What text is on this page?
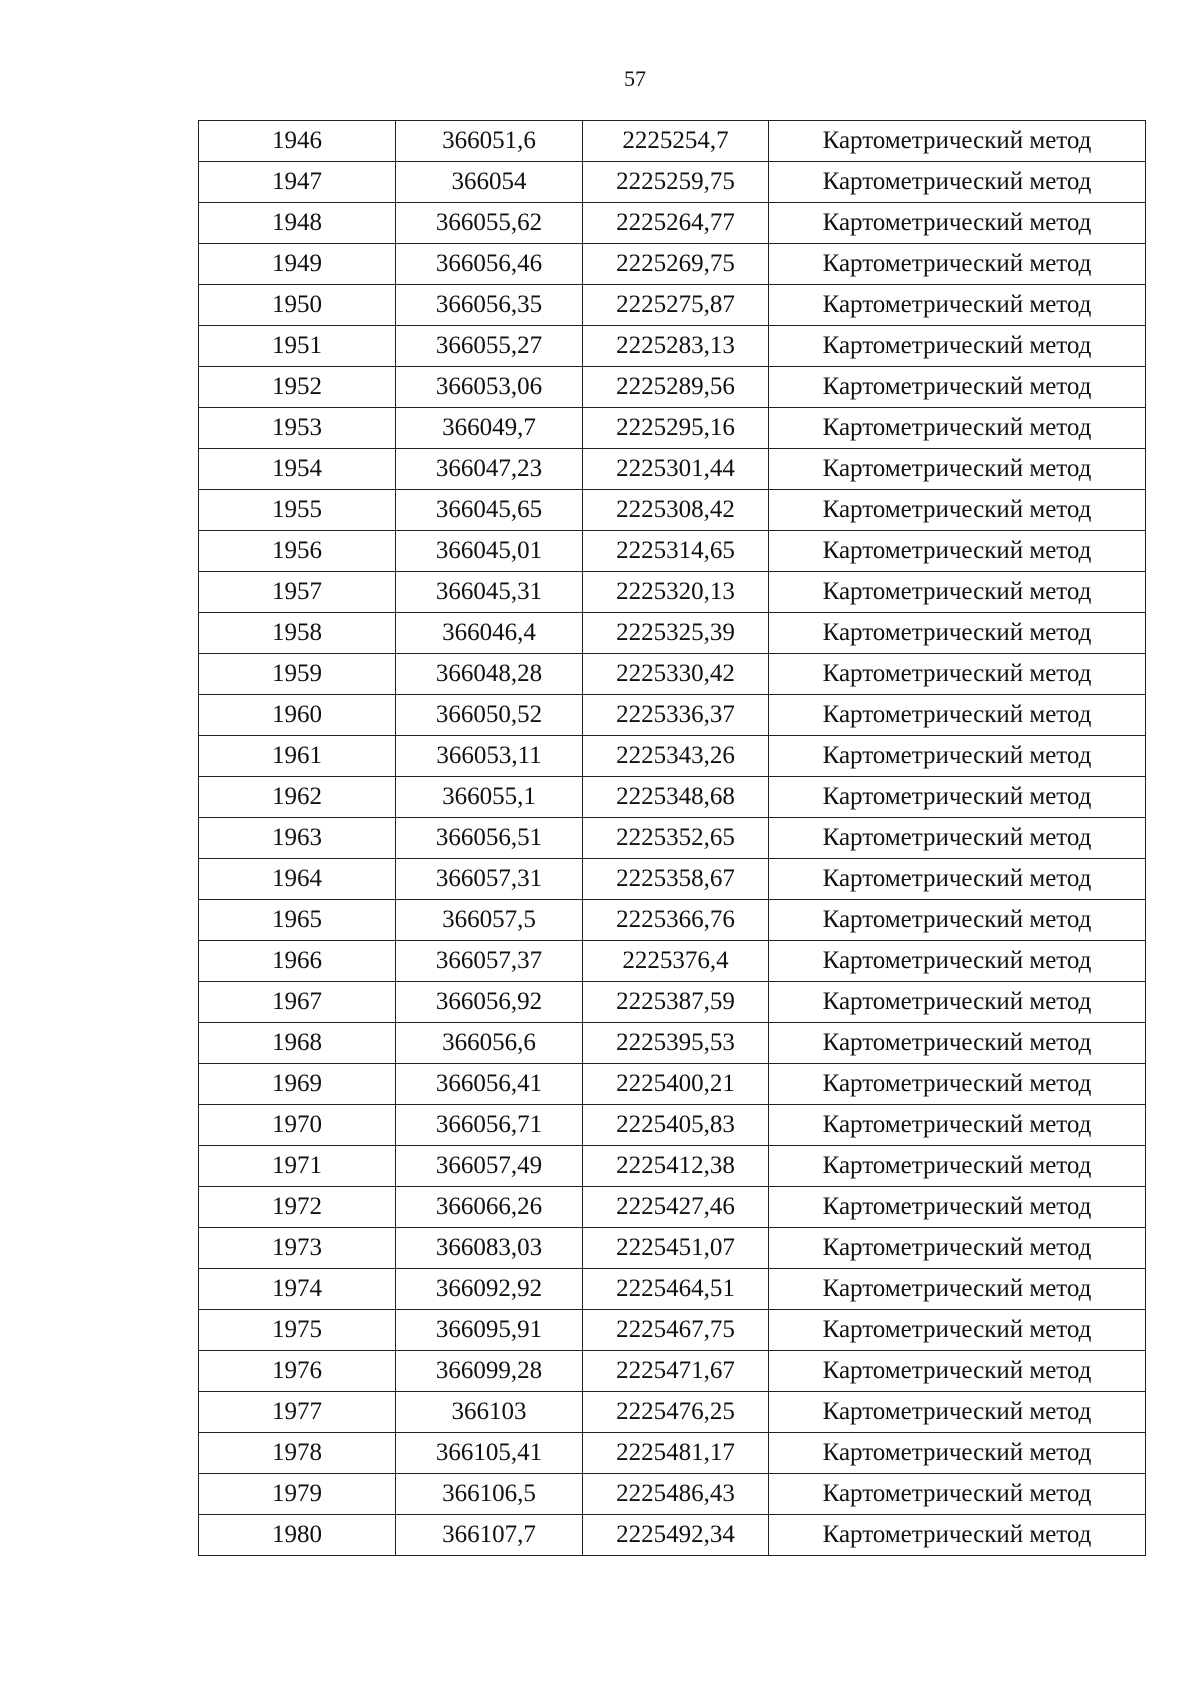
57
1946	366051,6	2225254,7	Картометрический метод
1947	366054	2225259,75	Картометрический метод
1948	366055,62	2225264,77	Картометрический метод
1949	366056,46	2225269,75	Картометрический метод
1950	366056,35	2225275,87	Картометрический метод
1951	366055,27	2225283,13	Картометрический метод
1952	366053,06	2225289,56	Картометрический метод
1953	366049,7	2225295,16	Картометрический метод
1954	366047,23	2225301,44	Картометрический метод
1955	366045,65	2225308,42	Картометрический метод
1956	366045,01	2225314,65	Картометрический метод
1957	366045,31	2225320,13	Картометрический метод
1958	366046,4	2225325,39	Картометрический метод
1959	366048,28	2225330,42	Картометрический метод
1960	366050,52	2225336,37	Картометрический метод
1961	366053,11	2225343,26	Картометрический метод
1962	366055,1	2225348,68	Картометрический метод
1963	366056,51	2225352,65	Картометрический метод
1964	366057,31	2225358,67	Картометрический метод
1965	366057,5	2225366,76	Картометрический метод
1966	366057,37	2225376,4	Картометрический метод
1967	366056,92	2225387,59	Картометрический метод
1968	366056,6	2225395,53	Картометрический метод
1969	366056,41	2225400,21	Картометрический метод
1970	366056,71	2225405,83	Картометрический метод
1971	366057,49	2225412,38	Картометрический метод
1972	366066,26	2225427,46	Картометрический метод
1973	366083,03	2225451,07	Картометрический метод
1974	366092,92	2225464,51	Картометрический метод
1975	366095,91	2225467,75	Картометрический метод
1976	366099,28	2225471,67	Картометрический метод
1977	366103	2225476,25	Картометрический метод
1978	366105,41	2225481,17	Картометрический метод
1979	366106,5	2225486,43	Картометрический метод
1980	366107,7	2225492,34	Картометрический метод
